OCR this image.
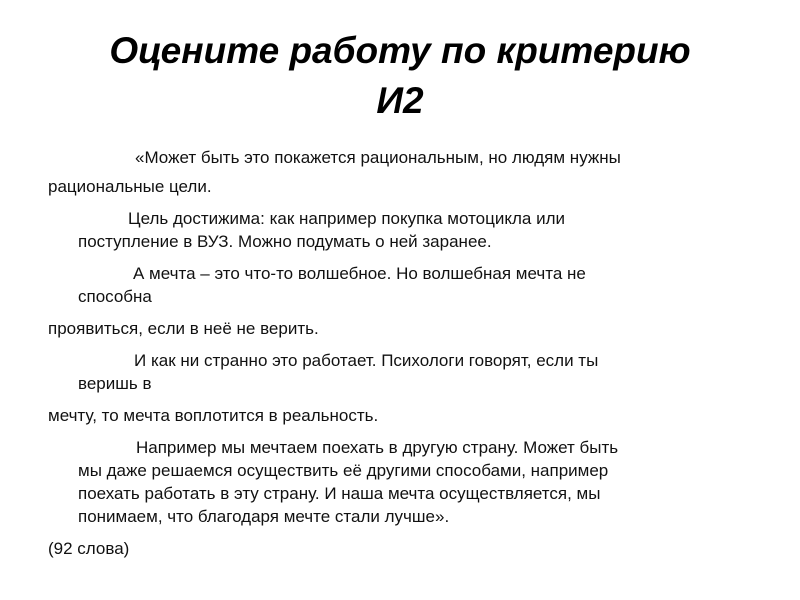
Оцените работу по критерию
И2
«Может быть это покажется рациональным, но людям нужны
рациональные цели.
Цель достижима: как например покупка мотоцикла или
поступление в ВУЗ. Можно подумать о ней заранее.
А мечта – это что-то волшебное. Но волшебная мечта не
способна
проявиться, если в неё не верить.
И как ни странно это работает. Психологи говорят, если ты
веришь в
мечту, то мечта воплотится в реальность.
Например мы мечтаем поехать в другую страну. Может быть
мы даже решаемся осуществить её другими способами, например
поехать работать в эту страну. И наша мечта осуществляется, мы
понимаем, что благодаря мечте стали лучше».
(92 слова)
